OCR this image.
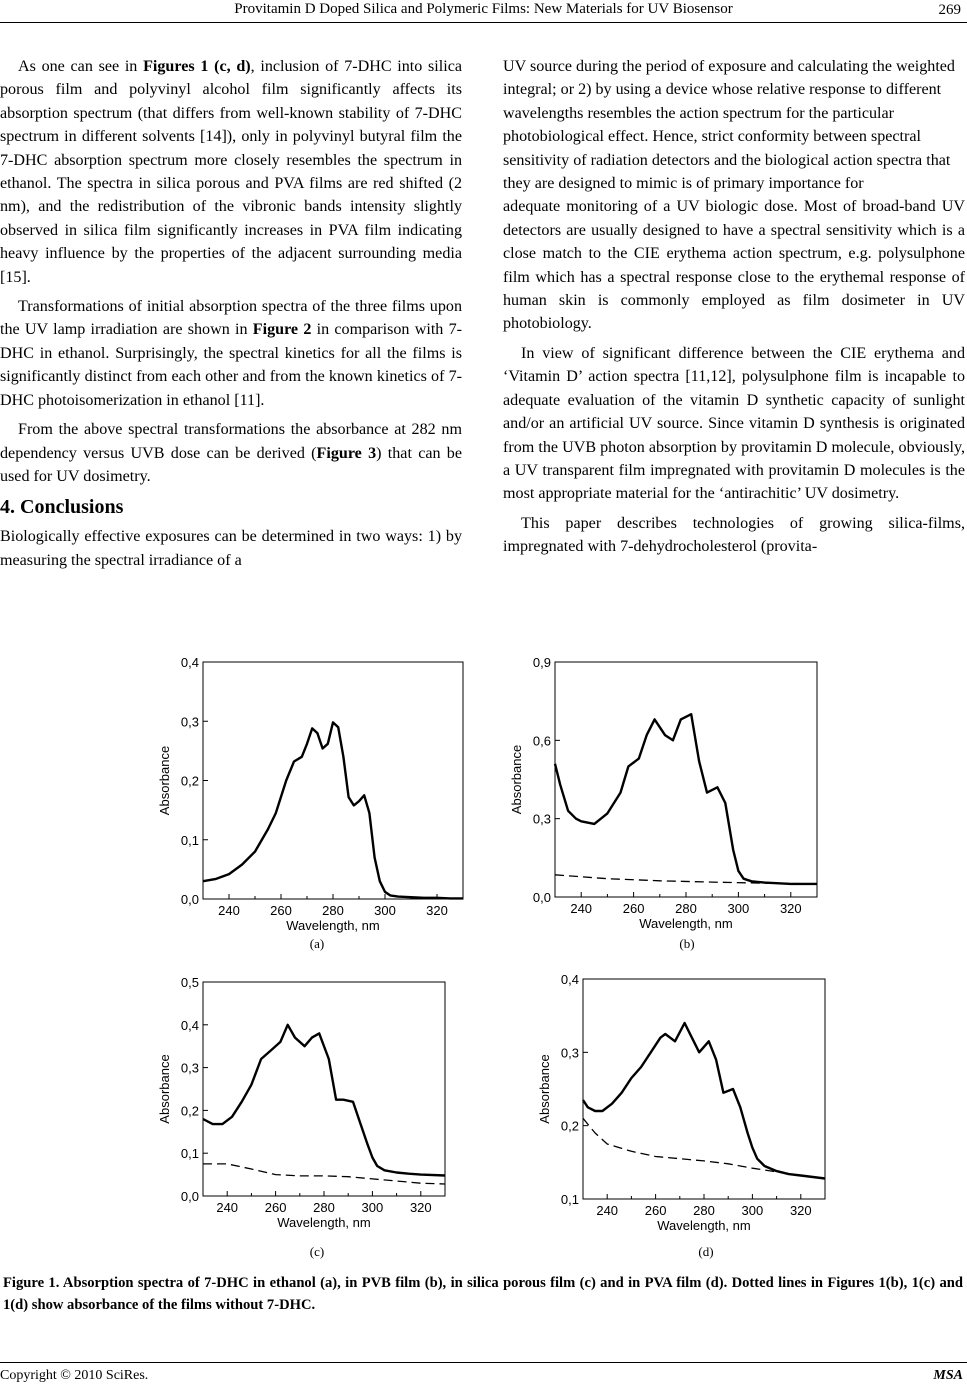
Provitamin D Doped Silica and Polymeric Films: New Materials for UV Biosensor	269

As one can see in Figures 1 (c, d), inclusion of 7-DHC into silica porous film and polyvinyl alcohol film significantly affects its absorption spectrum (that differs from well-known stability of 7-DHC spectrum in different solvents [14]), only in polyvinyl butyral film the 7-DHC absorption spectrum more closely resembles the spectrum in ethanol. The spectra in silica porous and PVA films are red shifted (2 nm), and the redistribution of the vibronic bands intensity slightly observed in silica film significantly increases in PVA film indicating heavy influence by the properties of the adjacent surrounding media [15].

Transformations of initial absorption spectra of the three films upon the UV lamp irradiation are shown in Figure 2 in comparison with 7-DHC in ethanol. Surprisingly, the spectral kinetics for all the films is significantly distinct from each other and from the known kinetics of 7-DHC photoisomerization in ethanol [11].

From the above spectral transformations the absorbance at 282 nm dependency versus UVB dose can be derived (Figure 3) that can be used for UV dosimetry.

4. Conclusions

Biologically effective exposures can be determined in two ways: 1) by measuring the spectral irradiance of a

UV source during the period of exposure and calculating the weighted integral; or 2) by using a device whose relative response to different wavelengths resembles the action spectrum for the particular photobiological effect. Hence, strict conformity between spectral sensitivity of radiation detectors and the biological action spectra that they are designed to mimic is of primary importance for

adequate monitoring of a UV biologic dose. Most of broad-band UV detectors are usually designed to have a spectral sensitivity which is a close match to the CIE erythema action spectrum, e.g. polysulphone film which has a spectral response close to the erythemal response of human skin is commonly employed as film dosimeter in UV photobiology.

In view of significant difference between the CIE erythema and ‘Vitamin D’ action spectra [11,12], polysulphone film is incapable to adequate evaluation of the vitamin D synthetic capacity of sunlight and/or an artificial UV source. Since vitamin D synthesis is originated from the UVB photon absorption by provitamin D molecule, obviously, a UV transparent film impregnated with provitamin D molecules is the most appropriate material for the ‘antirachitic’ UV dosimetry.

This paper describes technologies of growing silica-films, impregnated with 7-dehydrocholesterol (provita-

0,0
0,1
0,2
0,3
0,4
240 260 280 300 320
Wavelength, nm
Absorbance
0,0
0,3
0,6
0,9
240 260 280 300 320
Wavelength, nm
Absorbance
0,0
0,1
0,2
0,3
0,4
0,5
240 260 280 300 320
Wavelength, nm
Absorbance
0,1
0,2
0,3
0,4
240 260 280 300 320
Wavelength, nm
Absorbance
(a)	(b)
(c)	(d)
Figure 1. Absorption spectra of 7-DHC in ethanol (a), in PVB film (b), in silica porous film (c) and in PVA film (d). Dotted lines in Figures 1(b), 1(c) and 1(d) show absorbance of the films without 7-DHC.
Copyright © 2010 SciRes.	MSA
